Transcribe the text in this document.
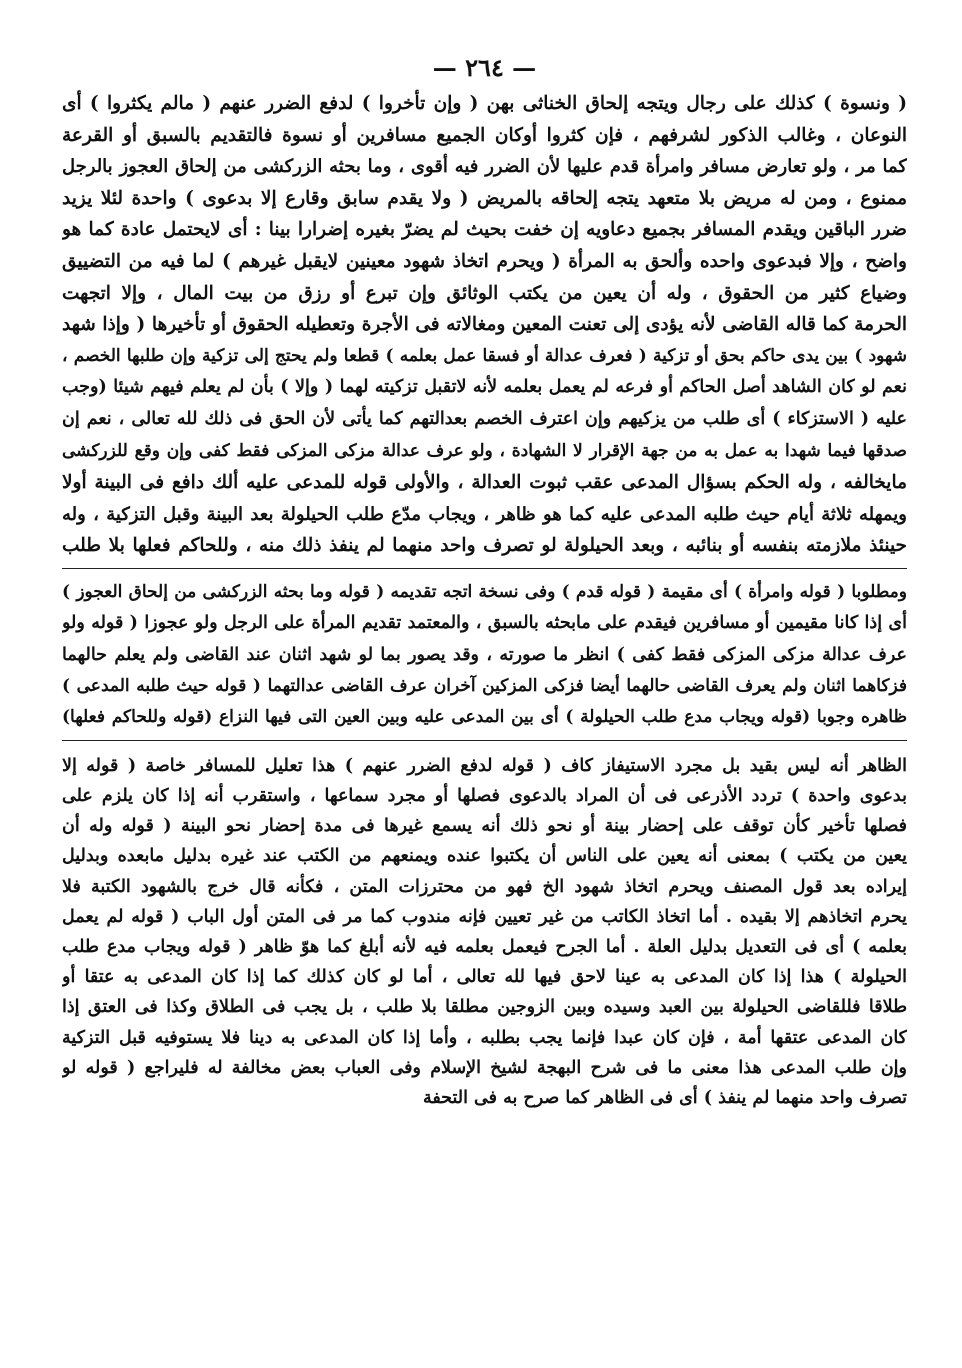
— ٢٦٤ —
( ونسوة ) كذلك على رجال ويتجه إلحاق الخناثى بهن ( وإن تأخروا ) لدفع الضرر عنهم ( مالم يكثروا ) أى
النوعان ، وغالب الذكور لشرفهم ، فإن كثروا أوكان الجميع مسافرين أو نسوة فالتقديم بالسبق أو القرعة
كما مر ، ولو تعارض مسافر وامرأة قدم عليها لأن الضرر فيه أقوى ، وما بحثه الزركشى من إلحاق العجوز بالرجل
ممنوع ، ومن له مريض بلا متعهد يتجه إلحاقه بالمريض ( ولا يقدم سابق وقارع إلا بدعوى ) واحدة لئلا يزيد
ضرر الباقين ويقدم المسافر بجميع دعاويه إن خفت بحيث لم يضرّ بغيره إضرارا بينا : أى لايحتمل عادة كما هو
واضح ، وإلا فبدعوى واحده وألحق به المرأة ( ويحرم اتخاذ شهود معينين لايقبل غيرهم ) لما فيه من التضييق
وضياع كثير من الحقوق ، وله أن يعين من يكتب الوثائق وإن تبرع أو رزق من بيت المال ، وإلا اتجهت
الحرمة كما قاله القاضى لأنه يؤدى إلى تعنت المعين ومغالاته فى الأجرة وتعطيله الحقوق أو تأخيرها ( وإذا شهد
شهود ) بين يدى حاكم بحق أو تزكية ( فعرف عدالة أو فسقا عمل بعلمه ) قطعا ولم يحتج إلى تزكية وإن طلبها الخصم ،
نعم لو كان الشاهد أصل الحاكم أو فرعه لم يعمل بعلمه لأنه لاتقبل تزكيته لهما ( وإلا ) بأن لم يعلم فيهم شيئا (وجب
عليه ( الاستزكاء ) أى طلب من يزكيهم وإن اعترف الخصم بعدالتهم كما يأتى لأن الحق فى ذلك لله تعالى ، نعم إن
صدقها فيما شهدا به عمل به من جهة الإقرار لا الشهادة ، ولو عرف عدالة مزكى المزكى فقط كفى وإن وقع للزركشى
مايخالفه ، وله الحكم بسؤال المدعى عقب ثبوت العدالة ، والأولى قوله للمدعى عليه ألك دافع فى البينة أولا
ويمهله ثلاثة أيام حيث طلبه المدعى عليه كما هو ظاهر ، ويجاب مدّع طلب الحيلولة بعد البينة وقبل التزكية ، وله
حينئذ ملازمته بنفسه أو بنائبه ، وبعد الحيلولة لو تصرف واحد منهما لم ينفذ ذلك منه ، وللحاكم فعلها بلا طلب
ومطلوبا ( قوله وامرأة ) أى مقيمة ( قوله قدم ) وفى نسخة اتجه تقديمه ( قوله وما بحثه الزركشى من إلحاق العجوز )
أى إذا كانا مقيمين أو مسافرين فيقدم على مابحثه بالسبق ، والمعتمد تقديم المرأة على الرجل ولو عجوزا ( قوله ولو
عرف عدالة مزكى المزكى فقط كفى ) انظر ما صورته ، وقد يصور بما لو شهد اثنان عند القاضى ولم يعلم حالهما
فزكاهما اثنان ولم يعرف القاضى حالهما أيضا فزكى المزكين آخران عرف القاضى عدالتهما ( قوله حيث طلبه المدعى )
ظاهره وجوبا (قوله ويجاب مدع طلب الحيلولة ) أى بين المدعى عليه وبين العين التى فيها النزاع (قوله وللحاكم فعلها)
الظاهر أنه ليس بقيد بل مجرد الاستيفاز كاف ( قوله لدفع الضرر عنهم ) هذا تعليل للمسافر خاصة ( قوله إلا
بدعوى واحدة ) تردد الأذرعى فى أن المراد بالدعوى فصلها أو مجرد سماعها ، واستقرب أنه إذا كان يلزم على
فصلها تأخير كأن توقف على إحضار بينة أو نحو ذلك أنه يسمع غيرها فى مدة إحضار نحو البينة ( قوله وله أن
يعين من يكتب ) بمعنى أنه يعين على الناس أن يكتبوا عنده ويمنعهم من الكتب عند غيره بدليل مابعده وبدليل
إيراده بعد قول المصنف ويحرم اتخاذ شهود الخ فهو من محترزات المتن ، فكأنه قال خرج بالشهود الكتبة فلا
يحرم اتخاذهم إلا بقيده . أما اتخاذ الكاتب من غير تعيين فإنه مندوب كما مر فى المتن أول الباب ( قوله لم يعمل
بعلمه ) أى فى التعديل بدليل العلة . أما الجرح فيعمل بعلمه فيه لأنه أبلغ كما هوّ ظاهر ( قوله ويجاب مدع طلب
الحيلولة ) هذا إذا كان المدعى به عينا لاحق فيها لله تعالى ، أما لو كان كذلك كما إذا كان المدعى به عتقا أو
طلاقا فللقاضى الحيلولة بين العبد وسيده وبين الزوجين مطلقا بلا طلب ، بل يجب فى الطلاق وكذا فى العتق إذا
كان المدعى عتقها أمة ، فإن كان عبدا فإنما يجب بطلبه ، وأما إذا كان المدعى به دينا فلا يستوفيه قبل التزكية
وإن طلب المدعى هذا معنى ما فى شرح البهجة لشيخ الإسلام وفى العباب بعض مخالفة له فليراجع ( قوله لو
تصرف واحد منهما لم ينفذ ) أى فى الظاهر كما صرح به فى التحفة
